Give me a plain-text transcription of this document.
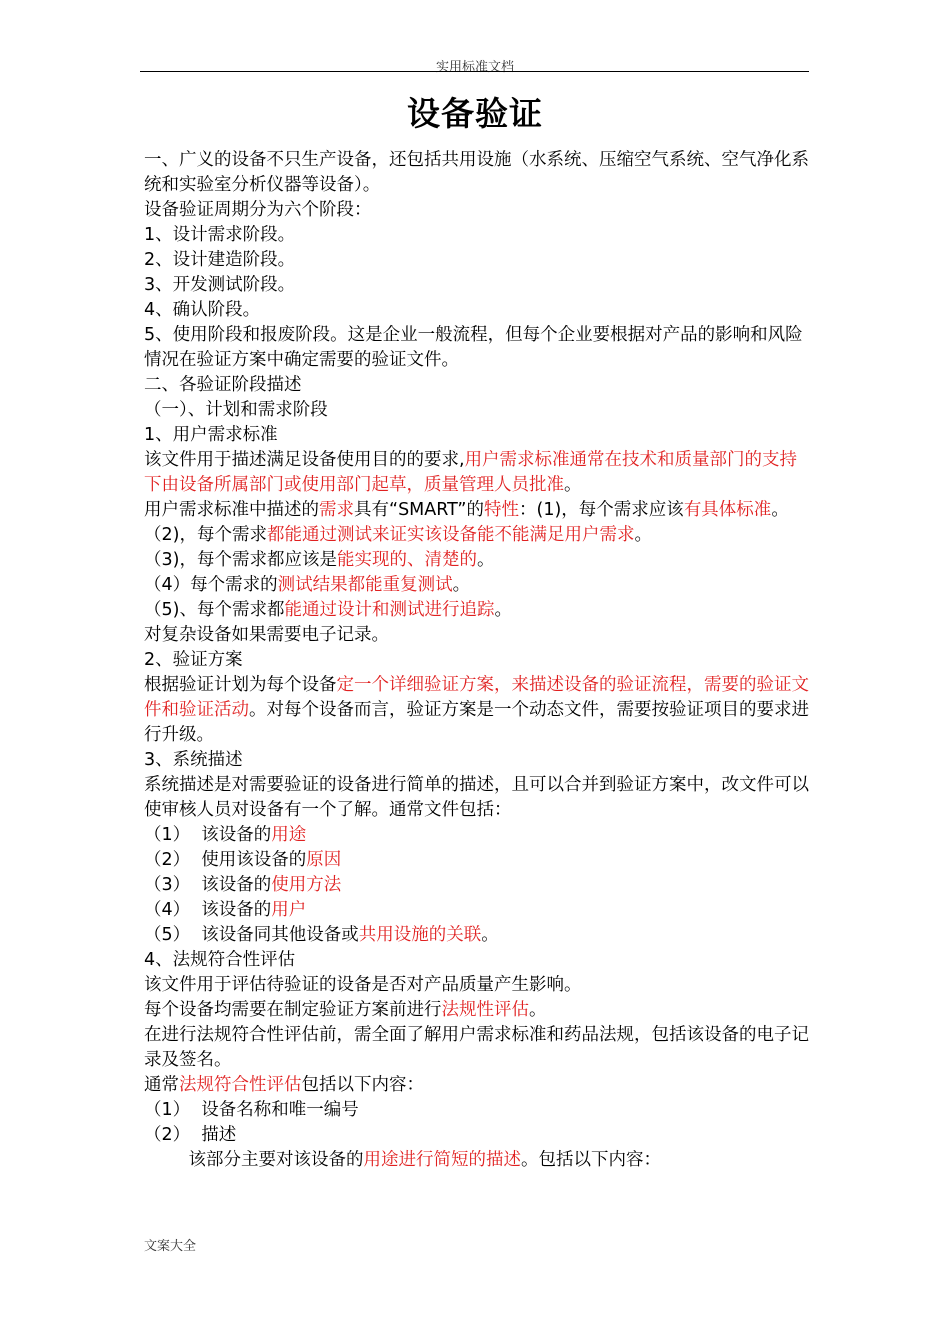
实用标准文档
设备验证

一、广义的设备不只生产设备，还包括共用设施（水系统、压缩空气系统、空气净化系统和实验室分析仪器等设备）。

设备验证周期分为六个阶段：

1、设计需求阶段。

2、设计建造阶段。

3、开发测试阶段。

4、确认阶段。

5、使用阶段和报废阶段。这是企业一般流程，但每个企业要根据对产品的影响和风险情况在验证方案中确定需要的验证文件。

二、各验证阶段描述

（一）、计划和需求阶段

1、用户需求标准

该文件用于描述满足设备使用目的的要求,用户需求标准通常在技术和质量部门的支持下由设备所属部门或使用部门起草，质量管理人员批准。

用户需求标准中描述的需求具有“SMART”的特性：(1)，每个需求应该有具体标准。

（2)，每个需求都能通过测试来证实该设备能不能满足用户需求。

（3)，每个需求都应该是能实现的、清楚的。

（4）每个需求的测试结果都能重复测试。

（5)、每个需求都能通过设计和测试进行追踪。

对复杂设备如果需要电子记录。

2、验证方案

根据验证计划为每个设备定一个详细验证方案，来描述设备的验证流程，需要的验证文件和验证活动。对每个设备而言，验证方案是一个动态文件，需要按验证项目的要求进行升级。

3、系统描述

系统描述是对需要验证的设备进行简单的描述，且可以合并到验证方案中，改文件可以使审核人员对设备有一个了解。通常文件包括：

（1）  该设备的用途

（2）  使用该设备的原因

（3）  该设备的使用方法

（4）  该设备的用户

（5）  该设备同其他设备或共用设施的关联。

4、法规符合性评估

该文件用于评估待验证的设备是否对产品质量产生影响。

每个设备均需要在制定验证方案前进行法规性评估。

在进行法规符合性评估前，需全面了解用户需求标准和药品法规，包括该设备的电子记录及签名。

通常法规符合性评估包括以下内容：

（1）  设备名称和唯一编号

（2）  描述

该部分主要对该设备的用途进行简短的描述。包括以下内容：

文案大全
